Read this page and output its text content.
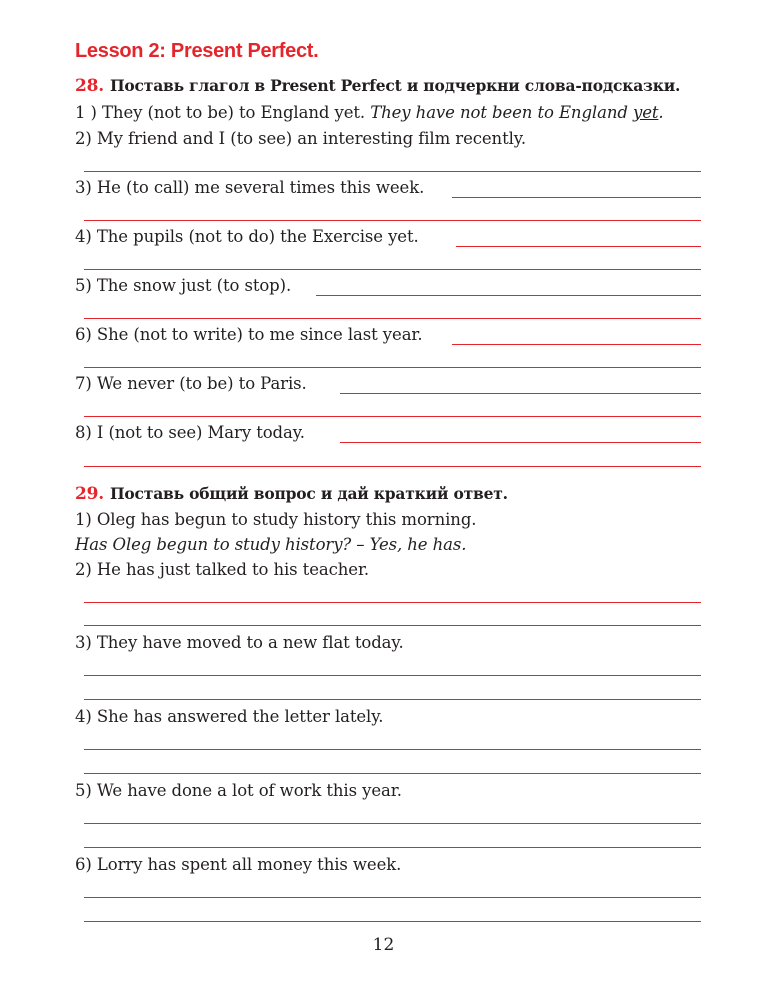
Lesson 2: Present Perfect.
28. Поставь глагол в Present Perfect и подчеркни слова-подсказки.
1 ) They (not to be) to England yet. They have not been to England yet.
2) My friend and I (to see) an interesting film recently.
3) He (to call) me several times this week.
4) The pupils (not to do) the Exercise yet.
5) The snow just (to stop).
6) She (not to write) to me since last year.
7) We never (to be) to Paris.
8) I (not to see) Mary today.
29. Поставь общий вопрос и дай краткий ответ.
1) Oleg has begun to study history this morning.
Has Oleg begun to study history? – Yes, he has.
2) He has just talked to his teacher.
3) They have moved to a new flat today.
4) She has answered the letter lately.
5) We have done a lot of work this year.
6) Lorry has spent all money this week.
12
